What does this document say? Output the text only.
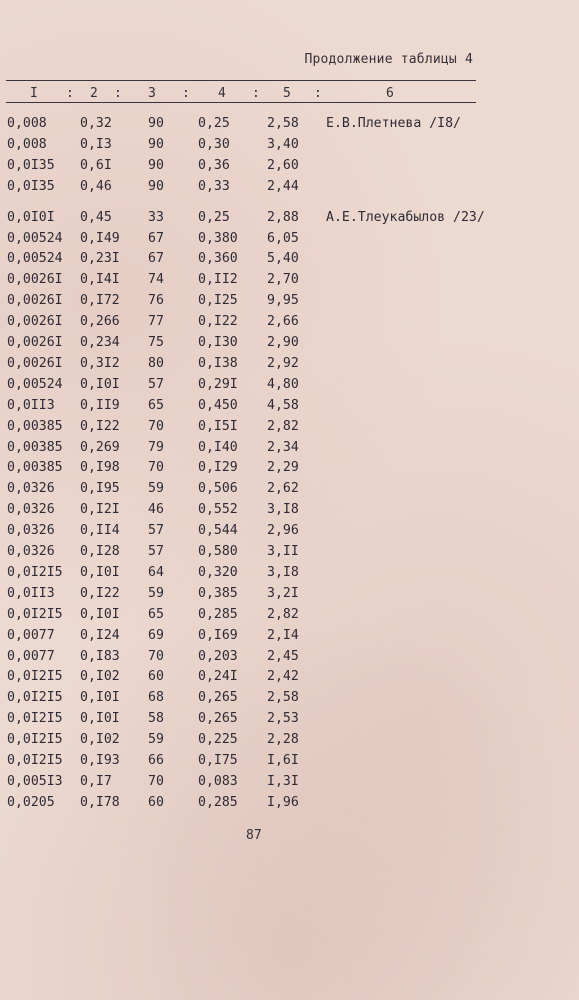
Продолжение таблицы 4
I : 2 : 3 : 4 : 5 :	6
0,008	0,32	90	0,25	2,58 Е.В.Плетнева /I8/
0,008	0,I3	90	0,30	3,40
0,0I35 0,6I	90	0,36	2,60
0,0I35 0,46	90	0,33	2,44
0,0I0I 0,45	33	0,25	2,88 А.Е.Тлеукабылов /23/
0,00524 0,I49 67	0,380 6,05
0,00524 0,23I 67	0,360 5,40
0,0026I 0,I4I 74	0,II2 2,70
0,0026I 0,I72 76	0,I25 9,95
0,0026I 0,266 77	0,I22 2,66
0,0026I 0,234 75	0,I30 2,90
0,0026I 0,3I2 80	0,I38 2,92
0,00524 0,I0I 57	0,29I 4,80
0,0II3 0,II9 65	0,450 4,58
0,00385 0,I22 70	0,I5I 2,82
0,00385 0,269 79	0,I40 2,34
0,00385 0,I98 70	0,I29 2,29
0,0326 0,I95 59	0,506 2,62
0,0326 0,I2I 46	0,552 3,I8
0,0326 0,II4 57	0,544 2,96
0,0326 0,I28 57	0,580 3,II
0,0I2I5 0,I0I 64	0,320 3,I8
0,0II3 0,I22 59	0,385 3,2I
0,0I2I5 0,I0I 65	0,285 2,82
0,0077 0,I24 69	0,I69 2,I4
0,0077 0,I83 70	0,203 2,45
0,0I2I5 0,I02 60	0,24I 2,42
0,0I2I5 0,I0I 68	0,265 2,58
0,0I2I5 0,I0I 58	0,265 2,53
0,0I2I5 0,I02 59	0,225 2,28
0,0I2I5 0,I93 66	0,I75 I,6I
0,005I3 0,I7	70	0,083 I,3I
0,0205 0,I78 60	0,285 I,96
87
